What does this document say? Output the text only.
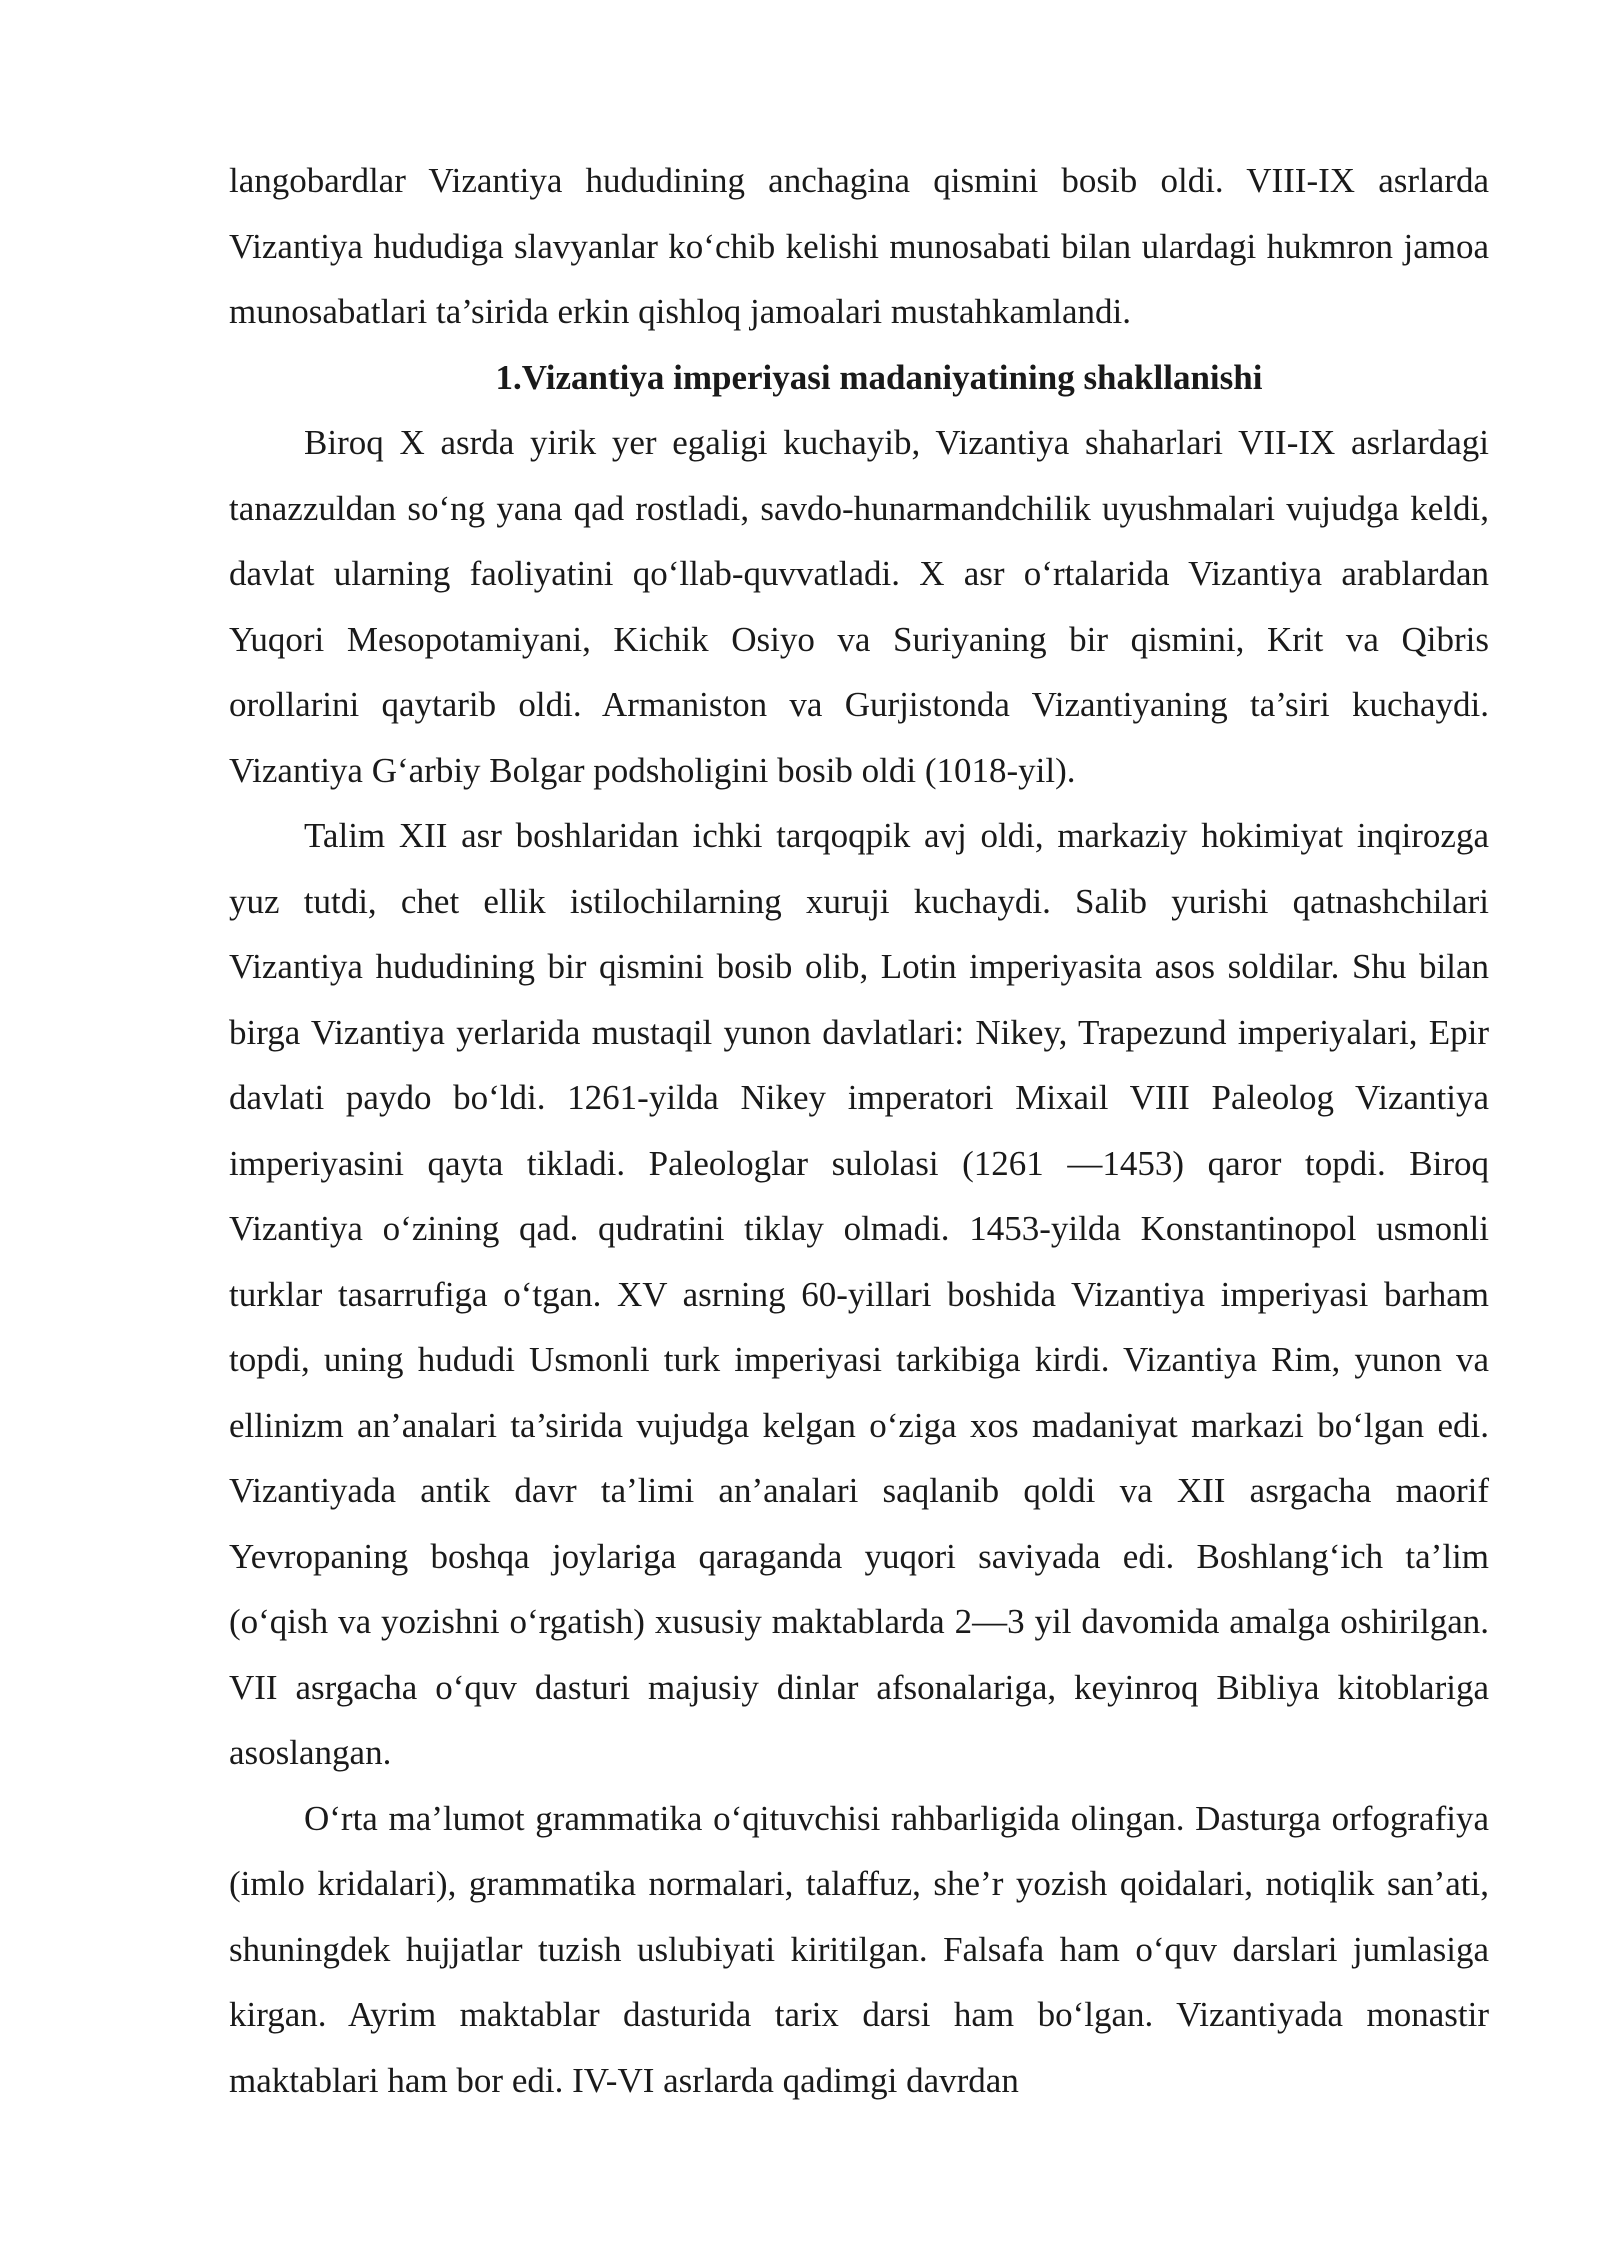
langobardlar Vizantiya hududining anchagina qismini bosib oldi. VIII-IX asrlarda Vizantiya hududiga slavyanlar ko‘chib kelishi munosabati bilan ulardagi hukmron jamoa munosabatlari ta’sirida erkin qishloq jamoalari mustahkamlandi.

1.Vizantiya imperiyasi madaniyatining shakllanishi

Biroq X asrda yirik yer egaligi kuchayib, Vizantiya shaharlari VII-IX asrlardagi tanazzuldan so‘ng yana qad rostladi, savdo-hunarmandchilik uyushmalari vujudga keldi, davlat ularning faoliyatini qo‘llab-quvvatladi. X asr o‘rtalarida Vizantiya arablardan Yuqori Mesopotamiyani, Kichik Osiyo va Suriyaning bir qismini, Krit va Qibris orollarini qaytarib oldi. Armaniston va Gurjistonda Vizantiyaning ta’siri kuchaydi. Vizantiya G‘arbiy Bolgar podsholigini bosib oldi (1018-yil).

Talim XII asr boshlaridan ichki tarqoqpik avj oldi, markaziy hokimiyat inqirozga yuz tutdi, chet ellik istilochilarning xuruji kuchaydi. Salib yurishi qatnashchilari Vizantiya hududining bir qismini bosib olib, Lotin imperiyasita asos soldilar. Shu bilan birga Vizantiya yerlarida mustaqil yunon davlatlari: Nikey, Trapezund imperiyalari, Epir davlati paydo bo‘ldi. 1261-yilda Nikey imperatori Mixail VIII Paleolog Vizantiya imperiyasini qayta tikladi. Paleologlar sulolasi (1261 —1453) qaror topdi. Biroq Vizantiya o‘zining qad. qudratini tiklay olmadi. 1453-yilda Konstantinopol usmonli turklar tasarrufiga o‘tgan. XV asrning 60-yillari boshida Vizantiya imperiyasi barham topdi, uning hududi Usmonli turk imperiyasi tarkibiga kirdi. Vizantiya Rim, yunon va ellinizm an’analari ta’sirida vujudga kelgan o‘ziga xos madaniyat markazi bo‘lgan edi. Vizantiyada antik davr ta’limi an’analari saqlanib qoldi va XII asrgacha maorif Yevropaning boshqa joylariga qaraganda yuqori saviyada edi. Boshlang‘ich ta’lim (o‘qish va yozishni o‘rgatish) xususiy maktablarda 2—3 yil davomida amalga oshirilgan. VII asrgacha o‘quv dasturi majusiy dinlar afsonalariga, keyinroq Bibliya kitoblariga asoslangan.

O‘rta ma’lumot grammatika o‘qituvchisi rahbarligida olingan. Dasturga orfografiya (imlo kridalari), grammatika normalari, talaffuz, she’r yozish qoidalari, notiqlik san’ati, shuningdek hujjatlar tuzish uslubiyati kiritilgan. Falsafa ham o‘quv darslari jumlasiga kirgan. Ayrim maktablar dasturida tarix darsi ham bo‘lgan. Vizantiyada monastir maktablari ham bor edi. IV-VI asrlarda qadimgi davrdan
